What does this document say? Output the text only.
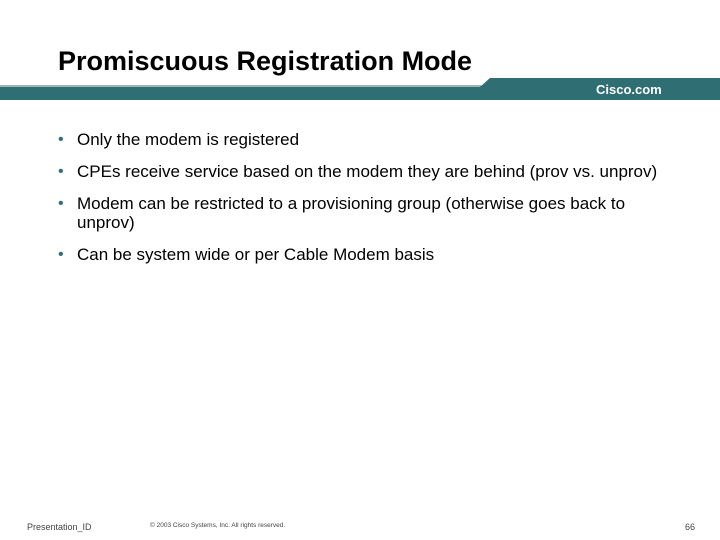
Promiscuous Registration Mode
Cisco.com
• Only the modem is registered
• CPEs receive service based on the modem they are behind (prov vs. unprov)
• Modem can be restricted to a provisioning group (otherwise goes back to unprov)
• Can be system wide or per Cable Modem basis
Presentation_ID	© 2003 Cisco Systems, Inc. All rights reserved.	66
